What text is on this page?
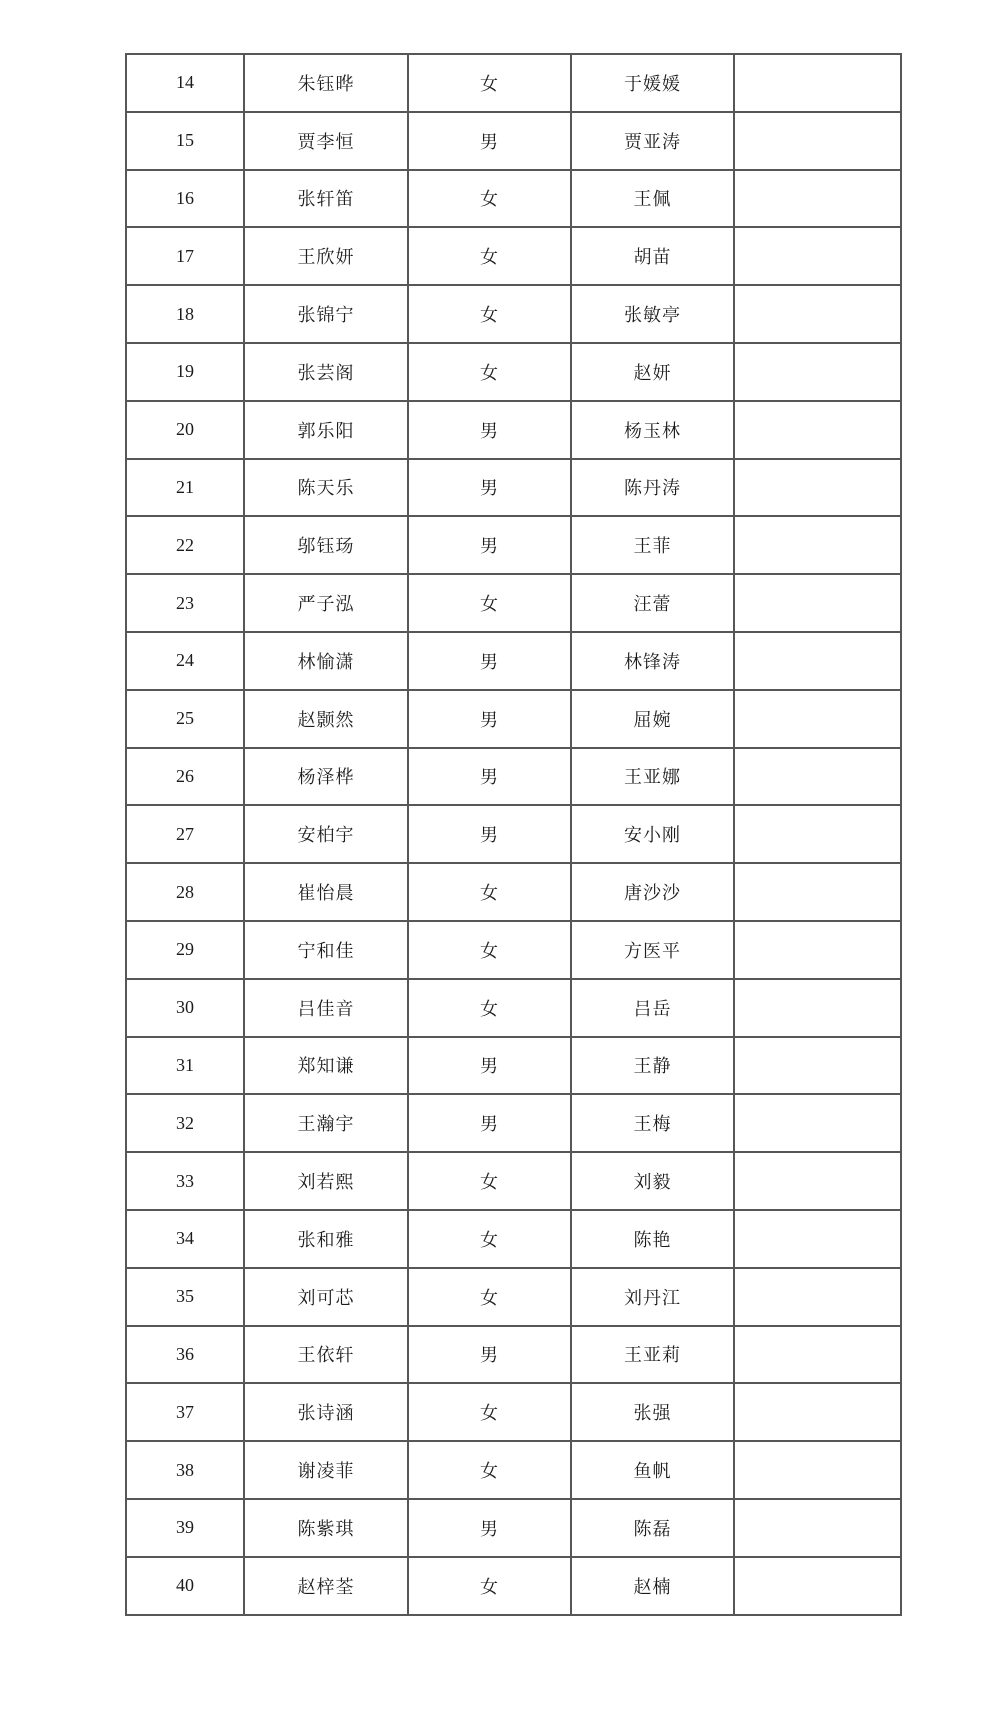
14	朱钰晔	女	于媛媛	
15	贾李恒	男	贾亚涛	
16	张轩笛	女	王佩	
17	王欣妍	女	胡苗	
18	张锦宁	女	张敏亭	
19	张芸阁	女	赵妍	
20	郭乐阳	男	杨玉林	
21	陈天乐	男	陈丹涛	
22	邬钰玚	男	王菲	
23	严子泓	女	汪蕾	
24	林愉潇	男	林锋涛	
25	赵颢然	男	屈婉	
26	杨泽桦	男	王亚娜	
27	安柏宇	男	安小刚	
28	崔怡晨	女	唐沙沙	
29	宁和佳	女	方医平	
30	吕佳音	女	吕岳	
31	郑知谦	男	王静	
32	王瀚宇	男	王梅	
33	刘若熙	女	刘毅	
34	张和雅	女	陈艳	
35	刘可芯	女	刘丹江	
36	王依轩	男	王亚莉	
37	张诗涵	女	张强	
38	谢凌菲	女	鱼帆	
39	陈紫琪	男	陈磊	
40	赵梓荃	女	赵楠	
